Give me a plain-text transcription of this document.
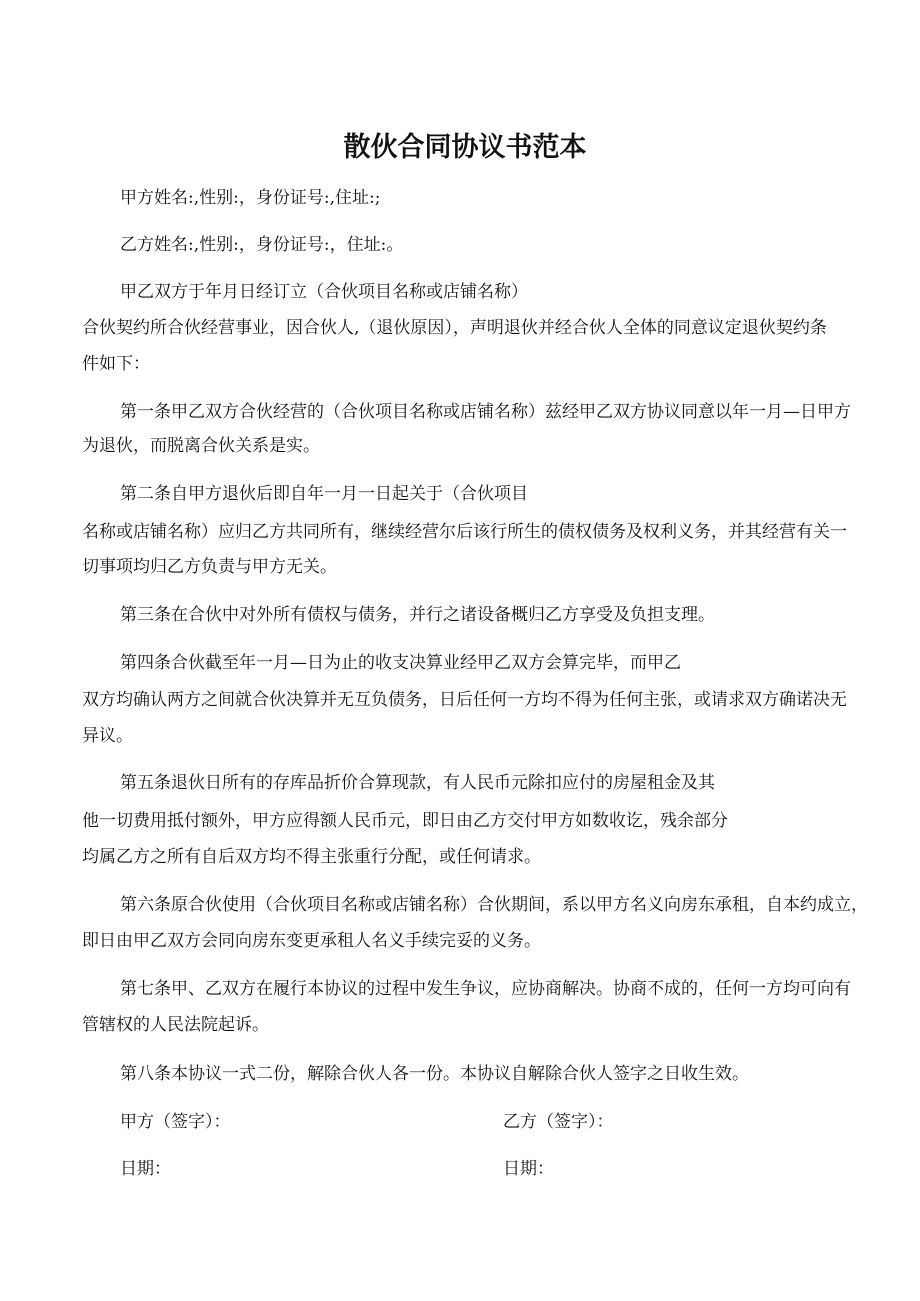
散伙合同协议书范本
甲方姓名:,性别:，身份证号:,住址:;
乙方姓名:,性别:，身份证号:，住址:。
甲乙双方于年月日经订立（合伙项目名称或店铺名称）
合伙契约所合伙经营事业，因合伙人,（退伙原因），声明退伙并经合伙人全体的同意议定退伙契约条
件如下：
第一条甲乙双方合伙经营的（合伙项目名称或店铺名称）兹经甲乙双方协议同意以年一月—日甲方
为退伙，而脱离合伙关系是实。
第二条自甲方退伙后即自年一月一日起关于（合伙项目
名称或店铺名称）应归乙方共同所有，继续经营尔后该行所生的债权债务及权利义务，并其经营有关一
切事项均归乙方负责与甲方无关。
第三条在合伙中对外所有债权与债务，并行之诸设备概归乙方享受及负担支理。
第四条合伙截至年一月—日为止的收支决算业经甲乙双方会算完毕，而甲乙
双方均确认两方之间就合伙决算并无互负债务，日后任何一方均不得为任何主张，或请求双方确诺决无
异议。
第五条退伙日所有的存库品折价合算现款，有人民币元除扣应付的房屋租金及其
他一切费用抵付额外，甲方应得额人民币元，即日由乙方交付甲方如数收讫，残余部分
均属乙方之所有自后双方均不得主张重行分配，或任何请求。
第六条原合伙使用（合伙项目名称或店铺名称）合伙期间，系以甲方名义向房东承租，自本约成立，
即日由甲乙双方会同向房东变更承租人名义手续完妥的义务。
第七条甲、乙双方在履行本协议的过程中发生争议，应协商解决。协商不成的，任何一方均可向有
管辖权的人民法院起诉。
第八条本协议一式二份，解除合伙人各一份。本协议自解除合伙人签字之日收生效。
甲方（签字）：	乙方（签字）：
日期：	日期：
